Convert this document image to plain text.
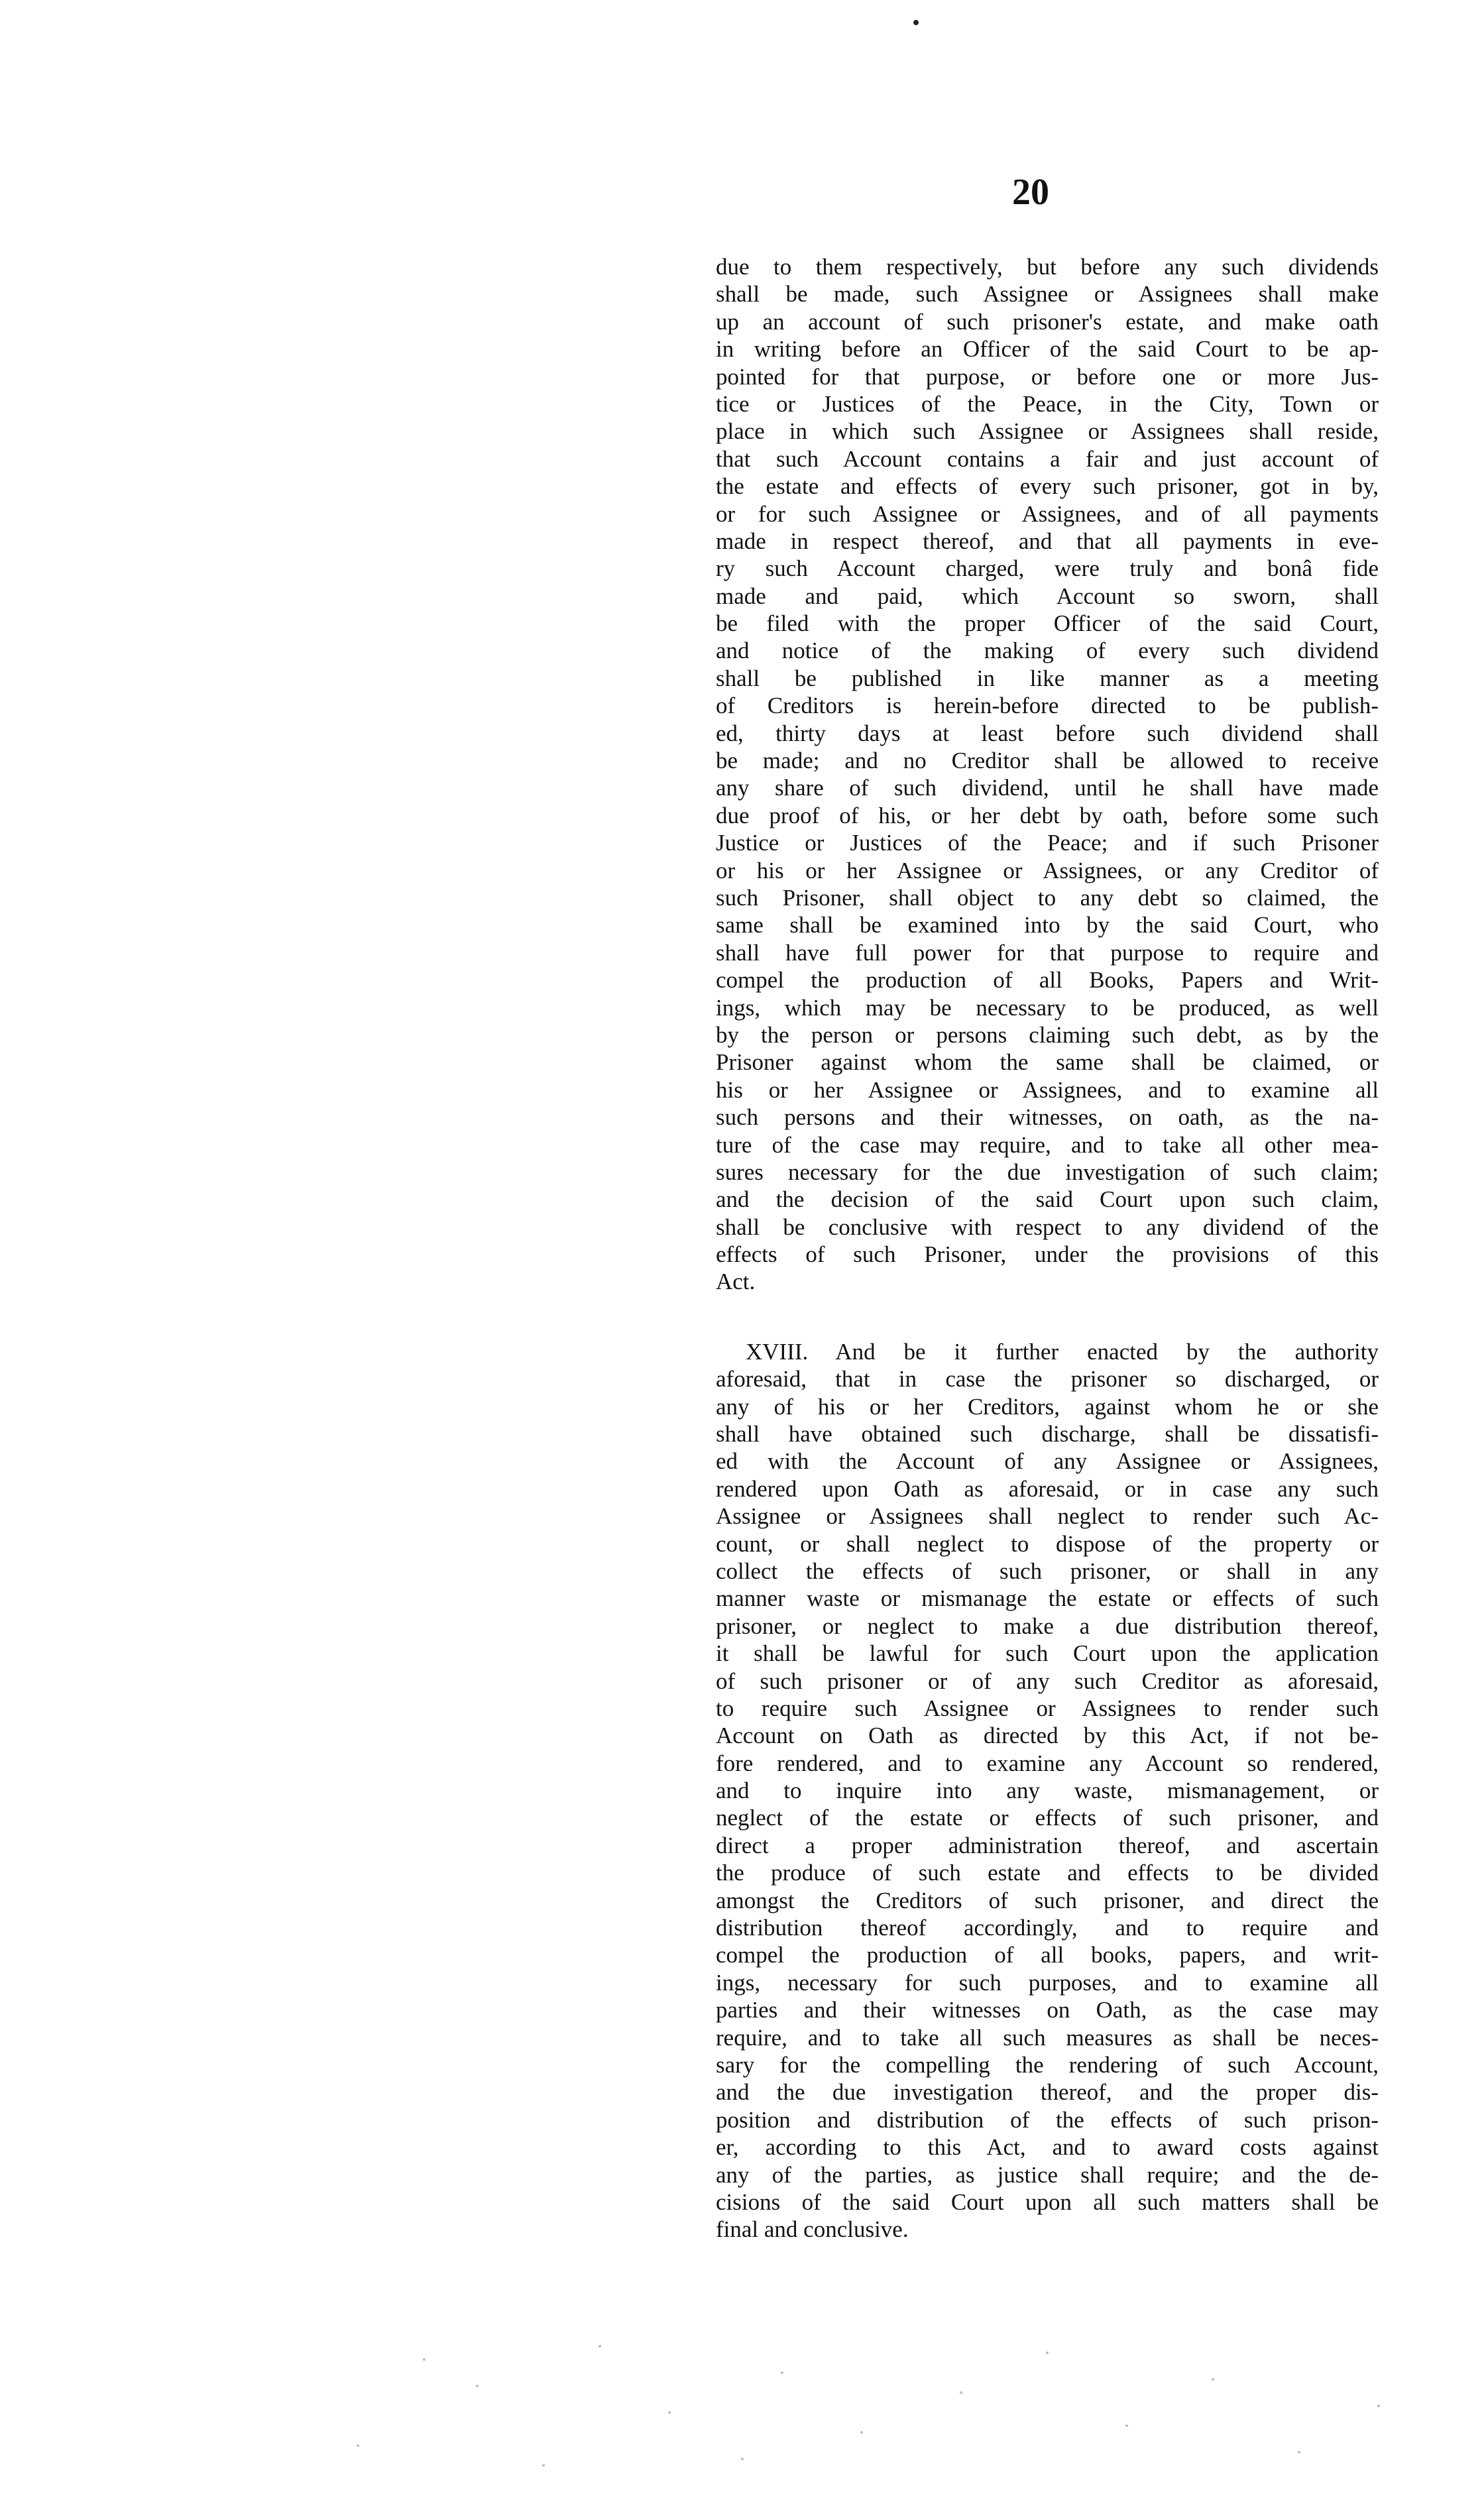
20
due to them respectively, but before any such dividends
shall be made, such Assignee or Assignees shall make
up an account of such prisoner's estate, and make oath
in writing before an Officer of the said Court to be ap-
pointed for that purpose, or before one or more Jus-
tice or Justices of the Peace, in the City, Town or
place in which such Assignee or Assignees shall reside,
that such Account contains a fair and just account of
the estate and effects of every such prisoner, got in by,
or for such Assignee or Assignees, and of all payments
made in respect thereof, and that all payments in eve-
ry such Account charged, were truly and bonâ fide
made and paid, which Account so sworn, shall
be filed with the proper Officer of the said Court,
and notice of the making of every such dividend
shall be published in like manner as a meeting
of Creditors is herein-before directed to be publish-
ed, thirty days at least before such dividend shall
be made; and no Creditor shall be allowed to receive
any share of such dividend, until he shall have made
due proof of his, or her debt by oath, before some such
Justice or Justices of the Peace; and if such Prisoner
or his or her Assignee or Assignees, or any Creditor of
such Prisoner, shall object to any debt so claimed, the
same shall be examined into by the said Court, who
shall have full power for that purpose to require and
compel the production of all Books, Papers and Writ-
ings, which may be necessary to be produced, as well
by the person or persons claiming such debt, as by the
Prisoner against whom the same shall be claimed, or
his or her Assignee or Assignees, and to examine all
such persons and their witnesses, on oath, as the na-
ture of the case may require, and to take all other mea-
sures necessary for the due investigation of such claim;
and the decision of the said Court upon such claim,
shall be conclusive with respect to any dividend of the
effects of such Prisoner, under the provisions of this
Act.
XVIII. And be it further enacted by the authority
aforesaid, that in case the prisoner so discharged, or
any of his or her Creditors, against whom he or she
shall have obtained such discharge, shall be dissatisfi-
ed with the Account of any Assignee or Assignees,
rendered upon Oath as aforesaid, or in case any such
Assignee or Assignees shall neglect to render such Ac-
count, or shall neglect to dispose of the property or
collect the effects of such prisoner, or shall in any
manner waste or mismanage the estate or effects of such
prisoner, or neglect to make a due distribution thereof,
it shall be lawful for such Court upon the application
of such prisoner or of any such Creditor as aforesaid,
to require such Assignee or Assignees to render such
Account on Oath as directed by this Act, if not be-
fore rendered, and to examine any Account so rendered,
and to inquire into any waste, mismanagement, or
neglect of the estate or effects of such prisoner, and
direct a proper administration thereof, and ascertain
the produce of such estate and effects to be divided
amongst the Creditors of such prisoner, and direct the
distribution thereof accordingly, and to require and
compel the production of all books, papers, and writ-
ings, necessary for such purposes, and to examine all
parties and their witnesses on Oath, as the case may
require, and to take all such measures as shall be neces-
sary for the compelling the rendering of such Account,
and the due investigation thereof, and the proper dis-
position and distribution of the effects of such prison-
er, according to this Act, and to award costs against
any of the parties, as justice shall require; and the de-
cisions of the said Court upon all such matters shall be
final and conclusive.
